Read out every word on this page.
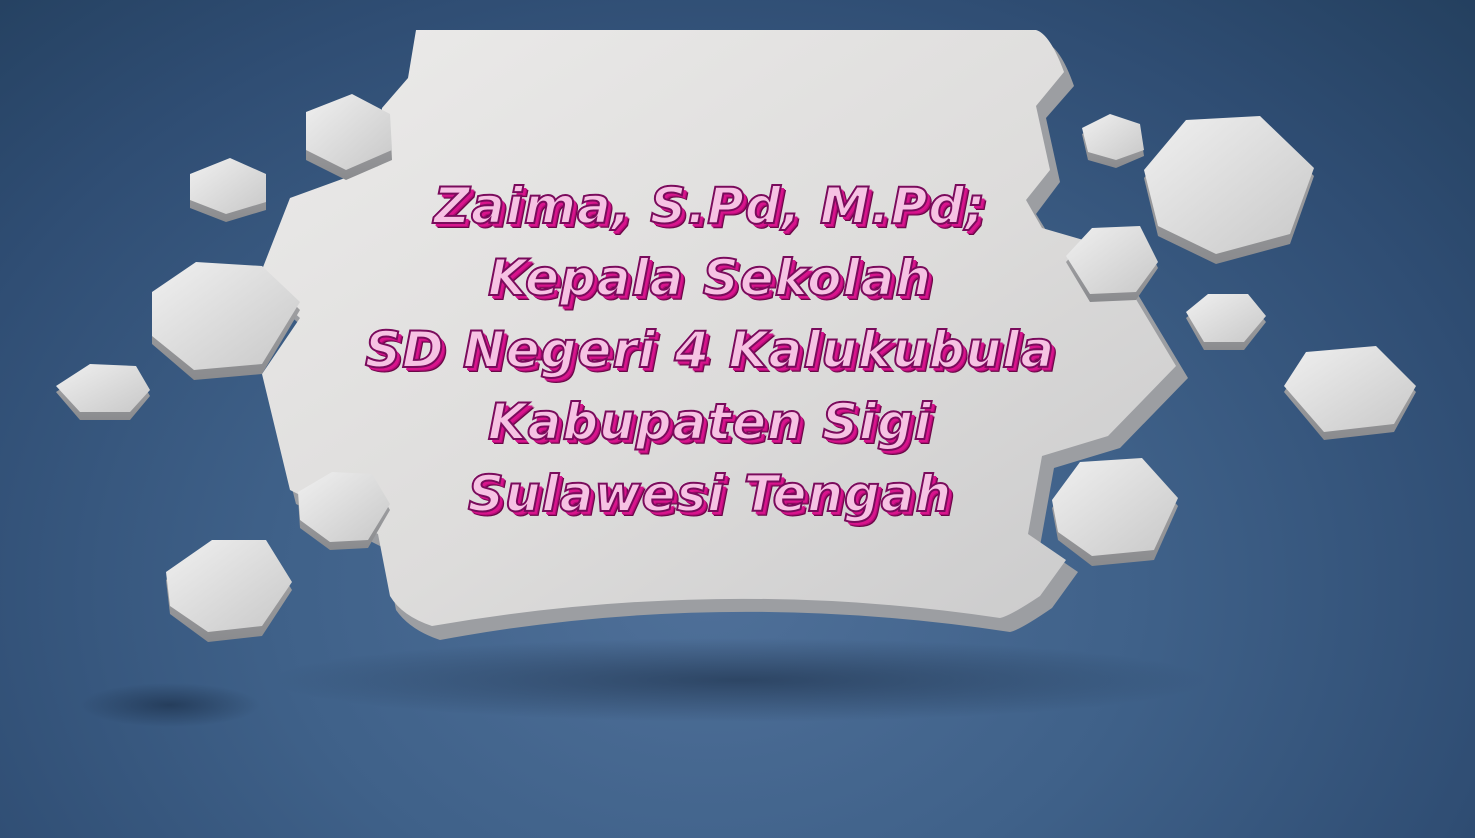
Zaima, S.Pd, M.Pd;
Kepala Sekolah
SD Negeri 4 Kalukubula
Kabupaten Sigi
Sulawesi Tengah
